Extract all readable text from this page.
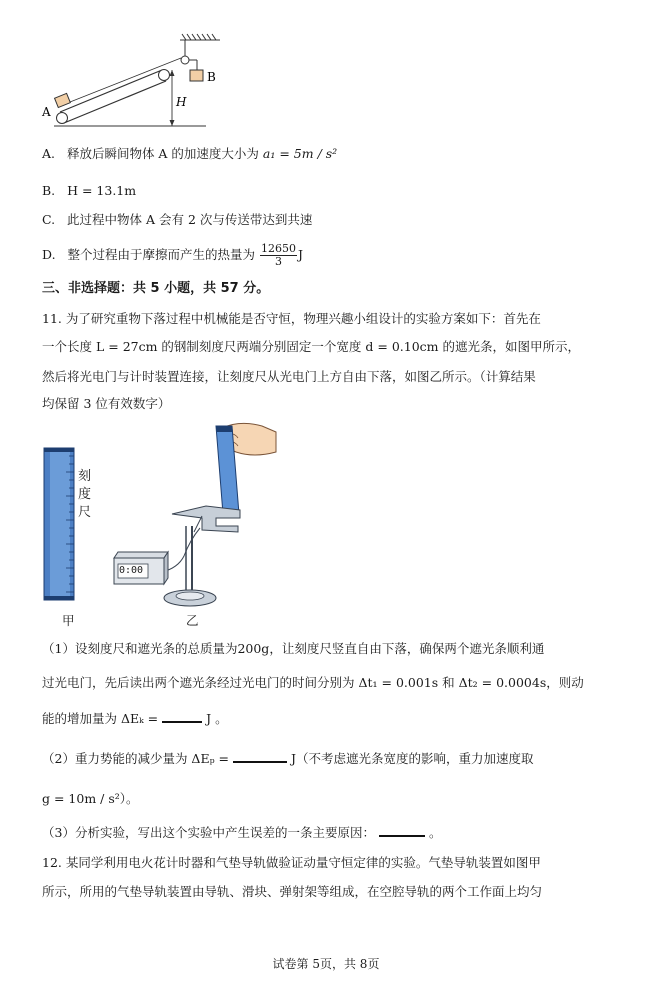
B
A
H
A. 释放后瞬间物体 A 的加速度大小为 a₁ = 5m / s²
B. H = 13.1m
C. 此过程中物体 A 会有 2 次与传送带达到共速
D. 整个过程由于摩擦而产生的热量为 $\frac{12650}{3}$ J
三、非选择题：共 5 小题，共 57 分。
11. 为了研究重物下落过程中机械能是否守恒，物理兴趣小组设计的实验方案如下：首先在
一个长度 L = 27cm 的钢制刻度尺两端分别固定一个宽度 d = 0.10cm 的遮光条，如图甲所示，
然后将光电门与计时装置连接，让刻度尺从光电门上方自由下落，如图乙所示。（计算结果
均保留 3 位有效数字）
刻度尺
0:00
甲	乙
（1）设刻度尺和遮光条的总质量为200g，让刻度尺竖直自由下落，确保两个遮光条顺利通
过光电门，先后读出两个遮光条经过光电门的时间分别为 Δt₁ = 0.001s 和 Δt₂ = 0.0004s，则动
能的增加量为 ΔEₖ =	J 。
（2）重力势能的减少量为 ΔEₚ =	J（不考虑遮光条宽度的影响，重力加速度取
g = 10m / s²）。
（3）分析实验，写出这个实验中产生误差的一条主要原因：	。
12. 某同学利用电火花计时器和气垫导轨做验证动量守恒定律的实验。气垫导轨装置如图甲
所示，所用的气垫导轨装置由导轨、滑块、弹射架等组成，在空腔导轨的两个工作面上均匀
试卷第 5页，共 8页
